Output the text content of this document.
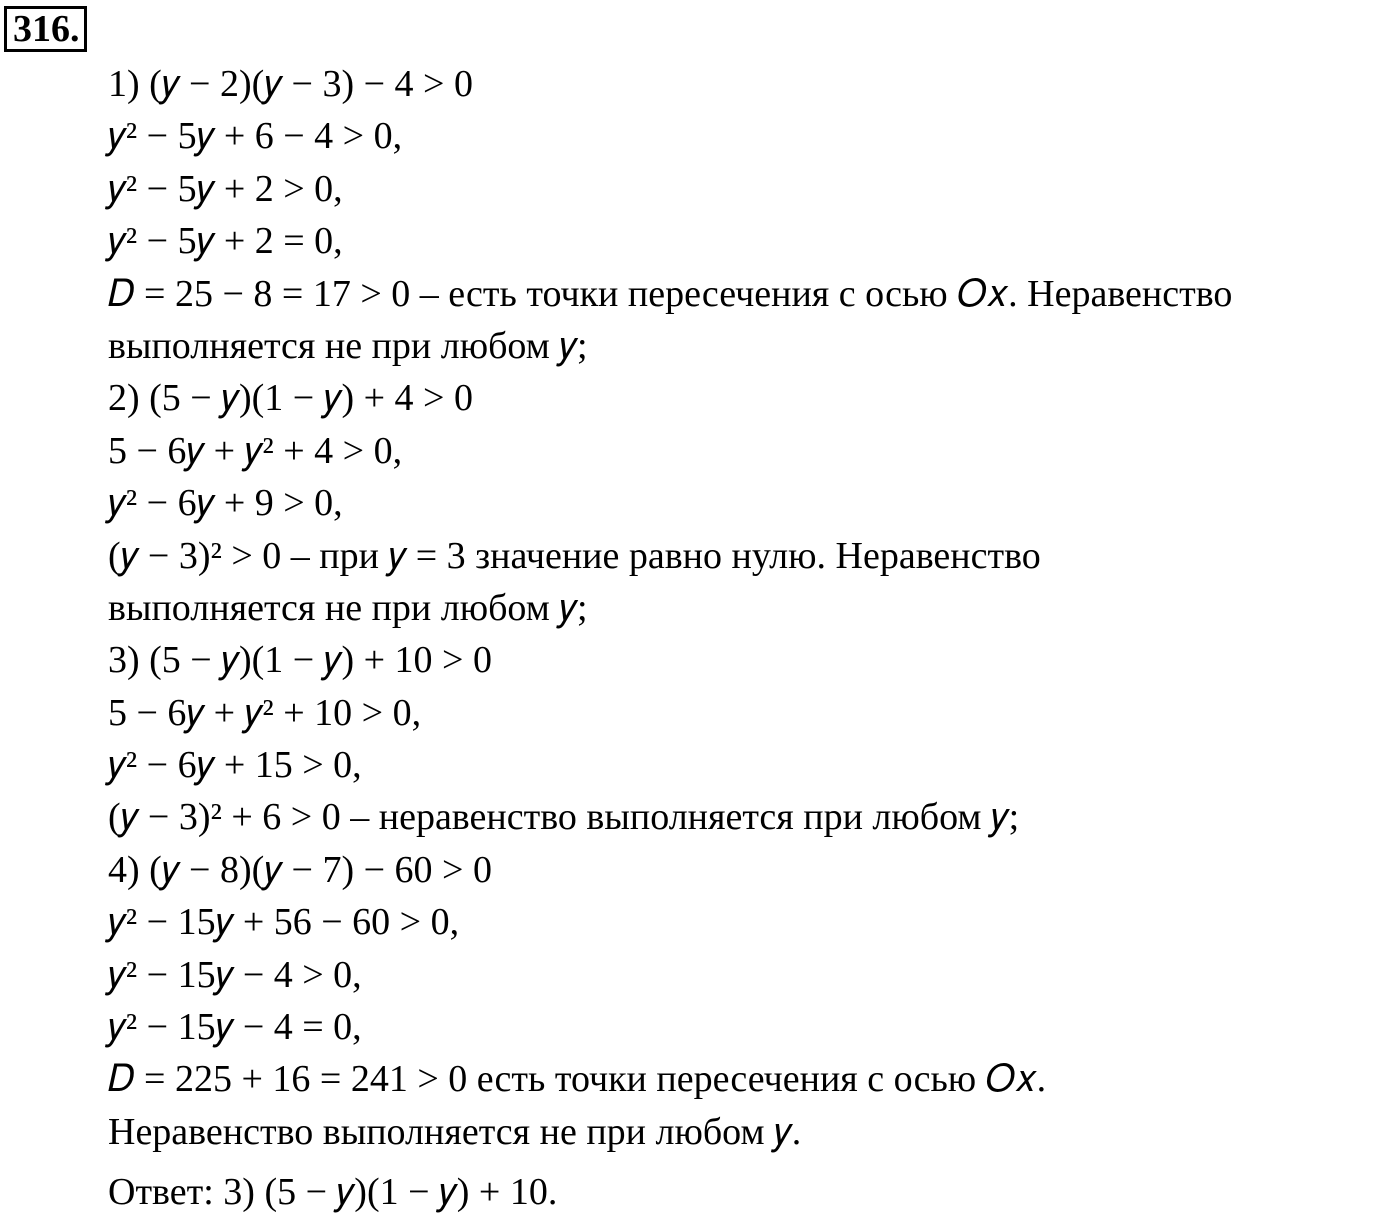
316.
1) (𝑦 − 2)(𝑦 − 3) − 4 > 0
𝑦² − 5𝑦 + 6 − 4 > 0,
𝑦² − 5𝑦 + 2 > 0,
𝑦² − 5𝑦 + 2 = 0,
𝐷 = 25 − 8 = 17 > 0 – есть точки пересечения с осью 𝑂𝑥. Неравенство
выполняется не при любом 𝑦;
2) (5 − 𝑦)(1 − 𝑦) + 4 > 0
5 − 6𝑦 + 𝑦² + 4 > 0,
𝑦² − 6𝑦 + 9 > 0,
(𝑦 − 3)² > 0 – при 𝑦 = 3 значение равно нулю. Неравенство
выполняется не при любом 𝑦;
3) (5 − 𝑦)(1 − 𝑦) + 10 > 0
5 − 6𝑦 + 𝑦² + 10 > 0,
𝑦² − 6𝑦 + 15 > 0,
(𝑦 − 3)² + 6 > 0 – неравенство выполняется при любом 𝑦;
4) (𝑦 − 8)(𝑦 − 7) − 60 > 0
𝑦² − 15𝑦 + 56 − 60 > 0,
𝑦² − 15𝑦 − 4 > 0,
𝑦² − 15𝑦 − 4 = 0,
𝐷 = 225 + 16 = 241 > 0 есть точки пересечения с осью 𝑂𝑥.
Неравенство выполняется не при любом 𝑦.
Ответ: 3) (5 − 𝑦)(1 − 𝑦) + 10.
